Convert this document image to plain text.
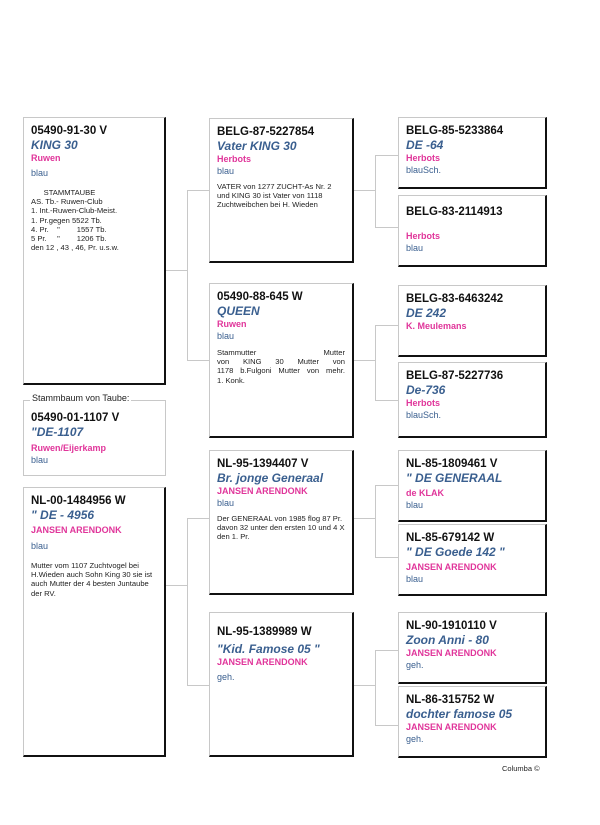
05490-91-30 V
KING 30
Ruwen
blau
STAMMTAUBE
AS. Tb.- Ruwen-Club
1. Int.-Ruwen-Club-Meist.
1. Pr.gegen 5522 Tb.
4. Pr.    "        1557 Tb.
5 Pr.     "        1206 Tb.
den 12 , 43 , 46, Pr. u.s.w.
05490-01-1107 V
"DE-1107
Ruwen/Eijerkamp
blau
Stammbaum von Taube:
NL-00-1484956 W
" DE - 4956
JANSEN ARENDONK
blau
Mutter vom 1107 Zuchtvogel bei H.Wieden auch Sohn King 30 sie ist auch Mutter der 4 besten Juntaube der RV.
BELG-87-5227854
Vater KING 30
Herbots
blau
VATER von 1277 ZUCHT-As Nr. 2 und KING 30 ist Vater von 1118 Zuchtweibchen bei H. Wieden
05490-88-645 W
QUEEN
Ruwen
blau
Stammutter Mutter
von KING 30 Mutter von
1178 b.Fulgoni Mutter von mehr.
1. Konk.
NL-95-1394407 V
Br. jonge Generaal
JANSEN ARENDONK
blau
Der GENERAAL von 1985 flog 87 Pr. davon 32 unter den ersten 10 und 4 X den 1. Pr.
NL-95-1389989 W
"Kid. Famose 05 "
JANSEN ARENDONK
geh.
BELG-85-5233864
DE -64
Herbots
blauSch.
BELG-83-2114913
Herbots
blau
BELG-83-6463242
DE 242
K. Meulemans
BELG-87-5227736
De-736
Herbots
blauSch.
NL-85-1809461 V
" DE GENERAAL
de KLAK
blau
NL-85-679142 W
" DE Goede 142 "
JANSEN ARENDONK
blau
NL-90-1910110 V
Zoon Anni - 80
JANSEN ARENDONK
geh.
NL-86-315752 W
dochter famose 05
JANSEN ARENDONK
geh.
Columba ©
